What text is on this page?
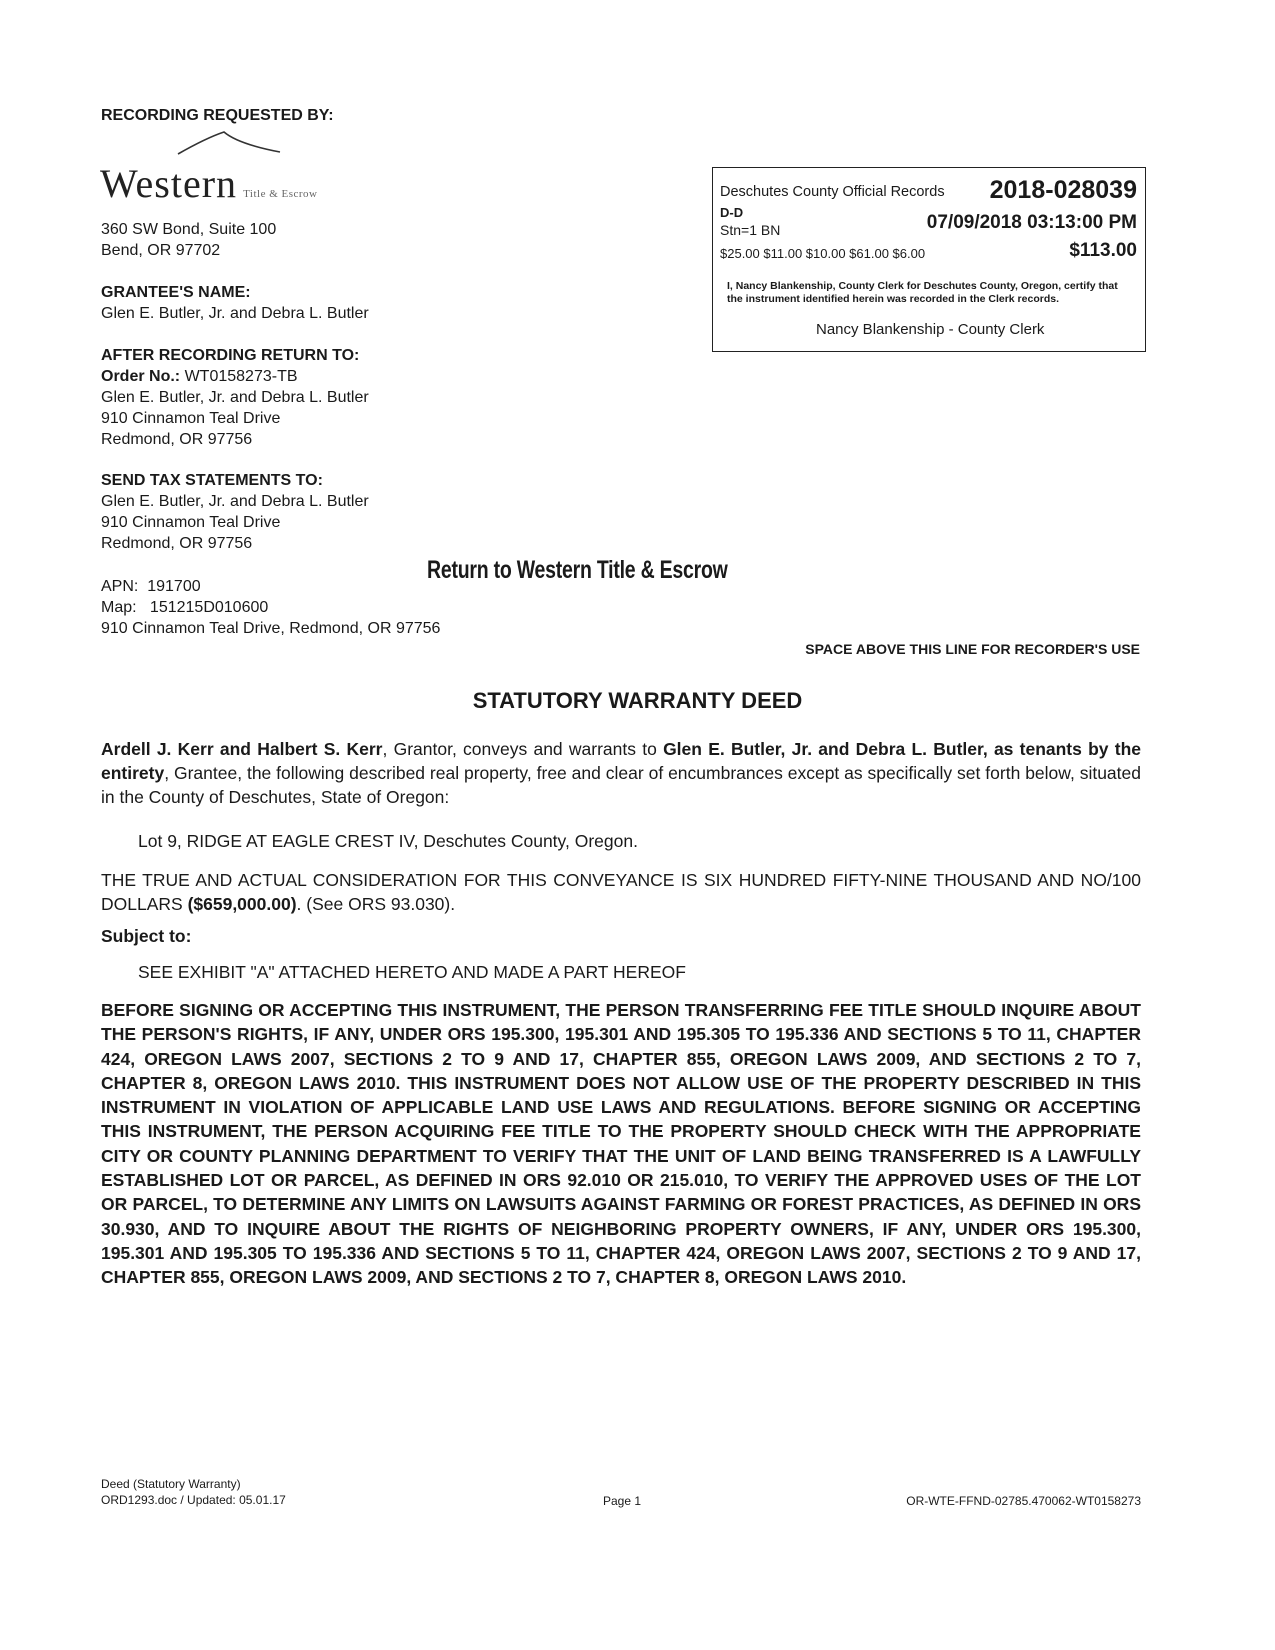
RECORDING REQUESTED BY:
Western Title & Escrow
360 SW Bond, Suite 100
Bend, OR 97702
GRANTEE'S NAME:
Glen E. Butler, Jr. and Debra L. Butler
AFTER RECORDING RETURN TO:
Order No.: WT0158273-TB
Glen E. Butler, Jr. and Debra L. Butler
910 Cinnamon Teal Drive
Redmond, OR 97756
SEND TAX STATEMENTS TO:
Glen E. Butler, Jr. and Debra L. Butler
910 Cinnamon Teal Drive
Redmond, OR 97756
APN: 191700
Map: 151215D010600
910 Cinnamon Teal Drive, Redmond, OR 97756
Deschutes County Official Records 2018-028039
D-D
Stn=1 BN	07/09/2018 03:13:00 PM
$25.00 $11.00 $10.00 $61.00 $6.00	$113.00
I, Nancy Blankenship, County Clerk for Deschutes County, Oregon, certify that the instrument identified herein was recorded in the Clerk records.
Nancy Blankenship - County Clerk
Return to Western Title & Escrow
SPACE ABOVE THIS LINE FOR RECORDER'S USE
STATUTORY WARRANTY DEED
Ardell J. Kerr and Halbert S. Kerr, Grantor, conveys and warrants to Glen E. Butler, Jr. and Debra L. Butler, as tenants by the entirety, Grantee, the following described real property, free and clear of encumbrances except as specifically set forth below, situated in the County of Deschutes, State of Oregon:
Lot 9, RIDGE AT EAGLE CREST IV, Deschutes County, Oregon.
THE TRUE AND ACTUAL CONSIDERATION FOR THIS CONVEYANCE IS SIX HUNDRED FIFTY-NINE THOUSAND AND NO/100 DOLLARS ($659,000.00). (See ORS 93.030).
Subject to:
SEE EXHIBIT "A" ATTACHED HERETO AND MADE A PART HEREOF
BEFORE SIGNING OR ACCEPTING THIS INSTRUMENT, THE PERSON TRANSFERRING FEE TITLE SHOULD INQUIRE ABOUT THE PERSON'S RIGHTS, IF ANY, UNDER ORS 195.300, 195.301 AND 195.305 TO 195.336 AND SECTIONS 5 TO 11, CHAPTER 424, OREGON LAWS 2007, SECTIONS 2 TO 9 AND 17, CHAPTER 855, OREGON LAWS 2009, AND SECTIONS 2 TO 7, CHAPTER 8, OREGON LAWS 2010. THIS INSTRUMENT DOES NOT ALLOW USE OF THE PROPERTY DESCRIBED IN THIS INSTRUMENT IN VIOLATION OF APPLICABLE LAND USE LAWS AND REGULATIONS. BEFORE SIGNING OR ACCEPTING THIS INSTRUMENT, THE PERSON ACQUIRING FEE TITLE TO THE PROPERTY SHOULD CHECK WITH THE APPROPRIATE CITY OR COUNTY PLANNING DEPARTMENT TO VERIFY THAT THE UNIT OF LAND BEING TRANSFERRED IS A LAWFULLY ESTABLISHED LOT OR PARCEL, AS DEFINED IN ORS 92.010 OR 215.010, TO VERIFY THE APPROVED USES OF THE LOT OR PARCEL, TO DETERMINE ANY LIMITS ON LAWSUITS AGAINST FARMING OR FOREST PRACTICES, AS DEFINED IN ORS 30.930, AND TO INQUIRE ABOUT THE RIGHTS OF NEIGHBORING PROPERTY OWNERS, IF ANY, UNDER ORS 195.300, 195.301 AND 195.305 TO 195.336 AND SECTIONS 5 TO 11, CHAPTER 424, OREGON LAWS 2007, SECTIONS 2 TO 9 AND 17, CHAPTER 855, OREGON LAWS 2009, AND SECTIONS 2 TO 7, CHAPTER 8, OREGON LAWS 2010.
Deed (Statutory Warranty)
ORD1293.doc / Updated: 05.01.17	Page 1	OR-WTE-FFND-02785.470062-WT0158273
